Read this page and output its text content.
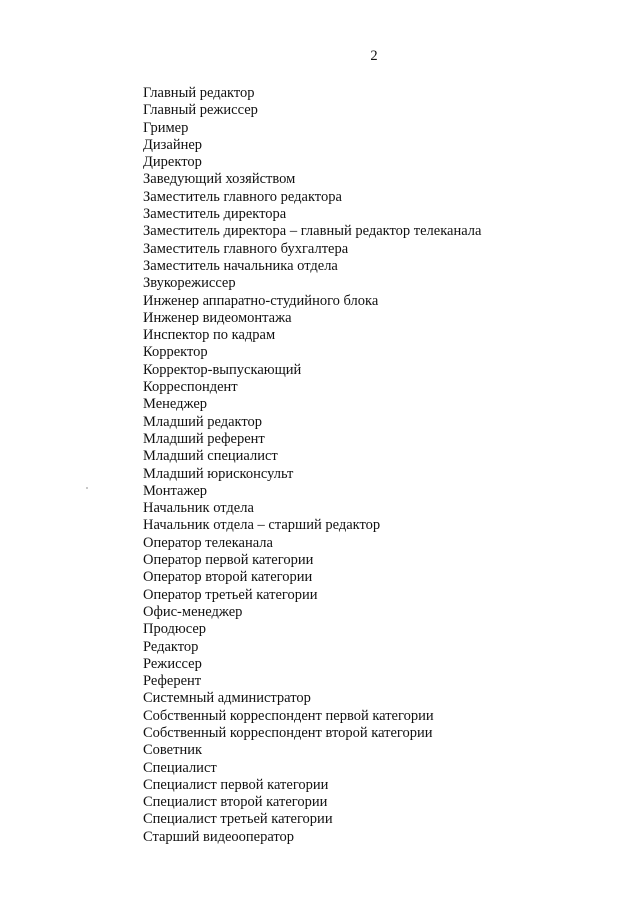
2
Главный редактор
Главный режиссер
Гример
Дизайнер
Директор
Заведующий хозяйством
Заместитель главного редактора
Заместитель директора
Заместитель директора – главный редактор телеканала
Заместитель главного бухгалтера
Заместитель начальника отдела
Звукорежиссер
Инженер аппаратно-студийного блока
Инженер видеомонтажа
Инспектор по кадрам
Корректор
Корректор-выпускающий
Корреспондент
Менеджер
Младший редактор
Младший референт
Младший специалист
Младший юрисконсульт
Монтажер
Начальник отдела
Начальник отдела – старший редактор
Оператор телеканала
Оператор первой категории
Оператор второй категории
Оператор третьей категории
Офис-менеджер
Продюсер
Редактор
Режиссер
Референт
Системный администратор
Собственный корреспондент первой категории
Собственный корреспондент второй категории
Советник
Специалист
Специалист первой категории
Специалист второй категории
Специалист третьей категории
Старший видеооператор
